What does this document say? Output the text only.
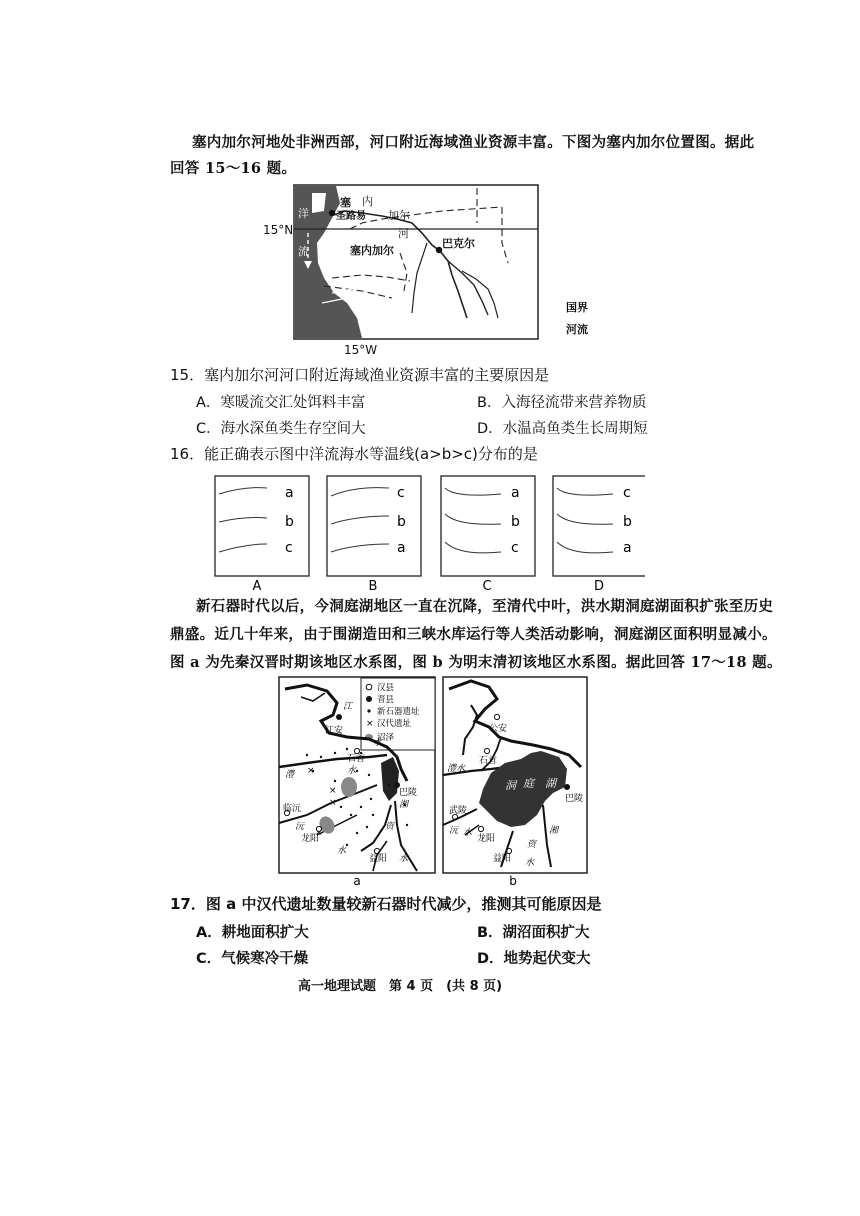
塞内加尔河地处非洲西部，河口附近海域渔业资源丰富。下图为塞内加尔位置图。据此
回答 15～16 题。
洋
流
15°N
塞
圣路易
内
加尔
河
塞内加尔
巴克尔
15°W
国界
河流
15．塞内加尔河河口附近海域渔业资源丰富的主要原因是
A．寒暖流交汇处饵料丰富	B．入海径流带来营养物质
C．海水深鱼类生存空间大	D．水温高鱼类生长周期短
16．能正确表示图中洋流海水等温线(a>b>c)分布的是
a
b
c
A
c
b
a
B
a
b
c
C
c
b
a
D
新石器时代以后，今洞庭湖地区一直在沉降，至清代中叶，洪水期洞庭湖面积扩张至历史
鼎盛。近几十年来，由于围湖造田和三峡水库运行等人类活动影响，洞庭湖区面积明显减小。
图 a 为先秦汉晋时期该地区水系图，图 b 为明末清初该地区水系图。据此回答 17～18 题。
×
汉县
晋县
新石器遗址
汉代遗址
沼泽
×
×
×
×
江
江安
水
石首
澧	水
巴陵
湘
临沅
沅
龙阳
资
水
益阳 水
a
公安
石首
澧水
洞 庭 湖
巴陵
武陵
沅 水
龙阳
益阳
资
湘
水
b
17．图 a 中汉代遗址数量较新石器时代减少，推测其可能原因是
A．耕地面积扩大	B．湖沼面积扩大
C．气候寒冷干燥	D．地势起伏变大
高一地理试题　第 4 页　(共 8 页)
